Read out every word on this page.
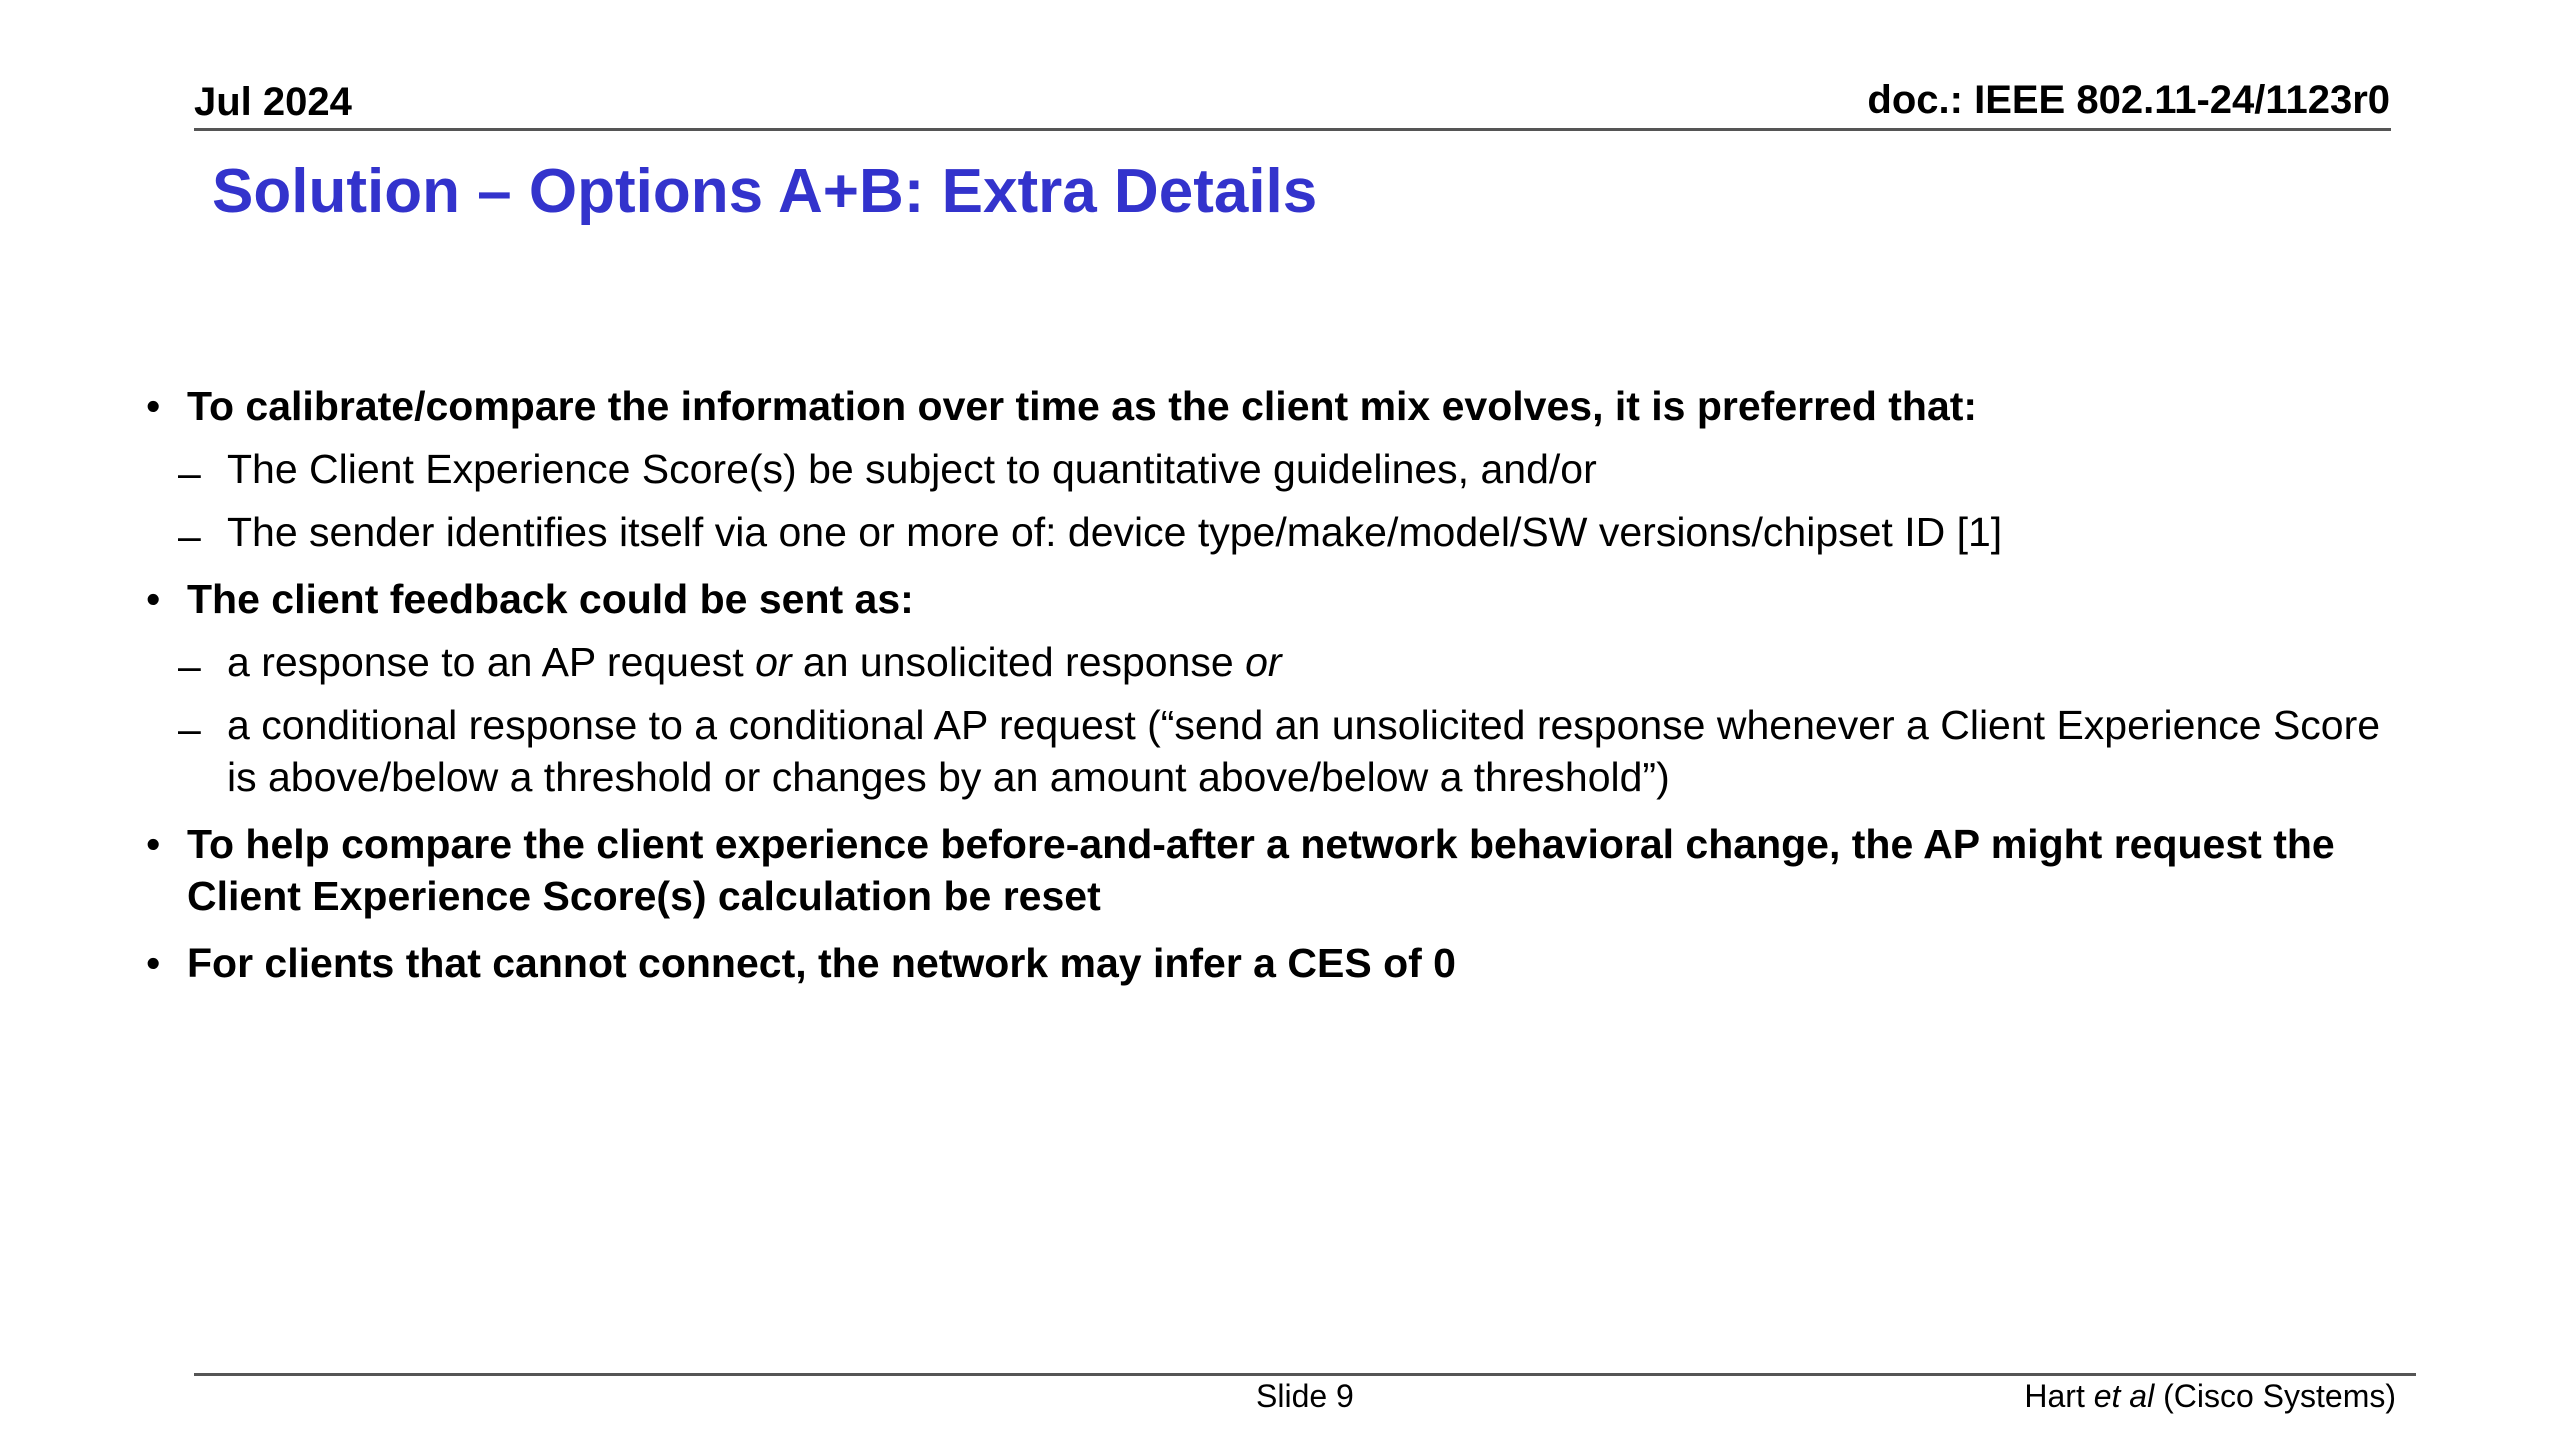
Jul 2024	doc.: IEEE 802.11-24/1123r0
Solution – Options A+B: Extra Details
• To calibrate/compare the information over time as the client mix evolves, it is preferred that:
– The Client Experience Score(s) be subject to quantitative guidelines, and/or
– The sender identifies itself via one or more of: device type/make/model/SW versions/chipset ID [1]
• The client feedback could be sent as:
– a response to an AP request or an unsolicited response or
– a conditional response to a conditional AP request (“send an unsolicited response whenever a Client Experience Score is above/below a threshold or changes by an amount above/below a threshold”)
• To help compare the client experience before-and-after a network behavioral change, the AP might request the Client Experience Score(s) calculation be reset
• For clients that cannot connect, the network may infer a CES of 0
Slide 9	Hart et al (Cisco Systems)
